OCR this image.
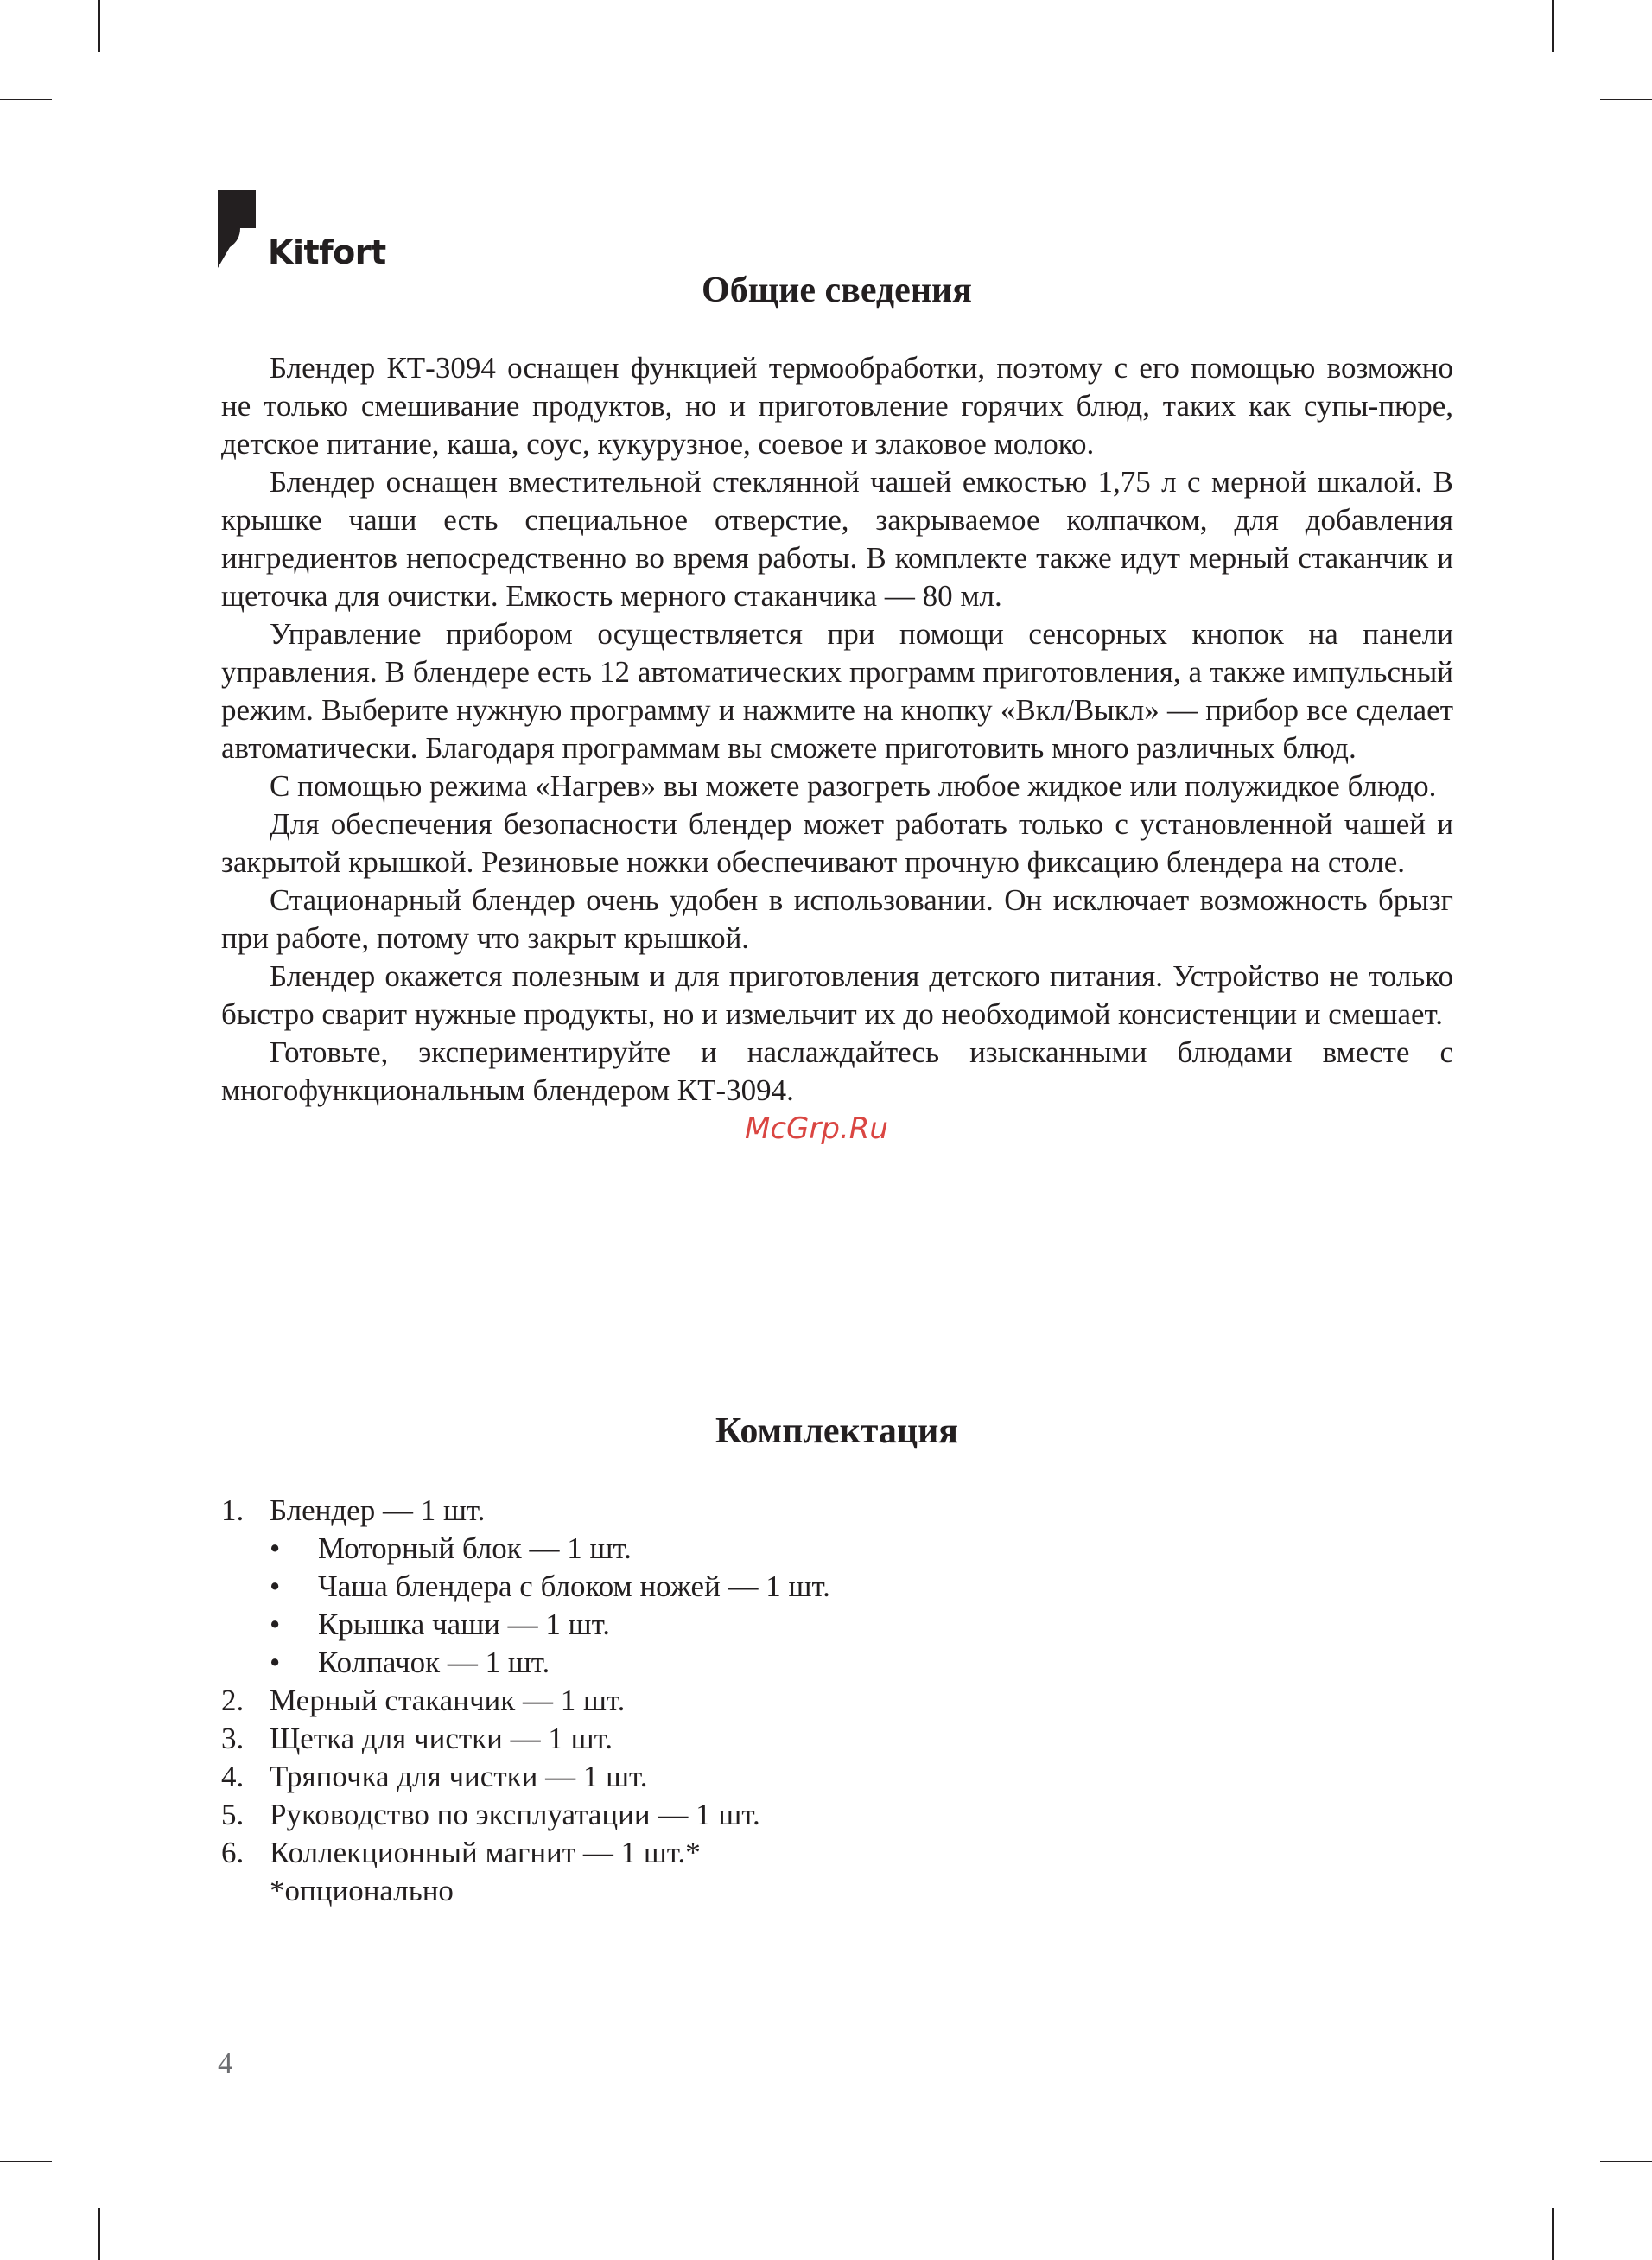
Kitfort
Общие сведения

Блендер КТ-3094 оснащен функцией термообработки, поэтому с его помощью возможно не только смешивание продуктов, но и приготовление горячих блюд, таких как супы-пюре, детское питание, каша, соус, кукурузное, соевое и злаковое молоко.

Блендер оснащен вместительной стеклянной чашей емкостью 1,75 л с мерной шкалой. В крышке чаши есть специальное отверстие, закрываемое колпачком, для добавления ингредиентов непосредственно во время работы. В комплекте также идут мерный стаканчик и щеточка для очистки. Емкость мерного стаканчика — 80 мл.

Управление прибором осуществляется при помощи сенсорных кнопок на панели управления. В блендере есть 12 автоматических программ приготовления, а также импульсный режим. Выберите нужную программу и нажмите на кнопку «Вкл/Выкл» — прибор все сделает автоматически. Благодаря программам вы сможете приготовить много различных блюд.

С помощью режима «Нагрев» вы можете разогреть любое жидкое или полужидкое блюдо.

Для обеспечения безопасности блендер может работать только с установленной чашей и закрытой крышкой. Резиновые ножки обеспечивают прочную фиксацию блендера на столе.

Стационарный блендер очень удобен в использовании. Он исключает возможность брызг при работе, потому что закрыт крышкой.

Блендер окажется полезным и для приготовления детского питания. Устройство не только быстро сварит нужные продукты, но и измельчит их до необходимой консистенции и смешает.

Готовьте, экспериментируйте и наслаждайтесь изысканными блюдами вместе с многофункциональным блендером КТ-3094.

McGrp.Ru
Комплектация
1. Блендер — 1 шт.
• Моторный блок — 1 шт.
• Чаша блендера с блоком ножей — 1 шт.
• Крышка чаши — 1 шт.
• Колпачок — 1 шт.
2. Мерный стаканчик — 1 шт.
3. Щетка для чистки — 1 шт.
4. Тряпочка для чистки — 1 шт.
5. Руководство по эксплуатации — 1 шт.
6. Коллекционный магнит — 1 шт.*
*опционально
4
